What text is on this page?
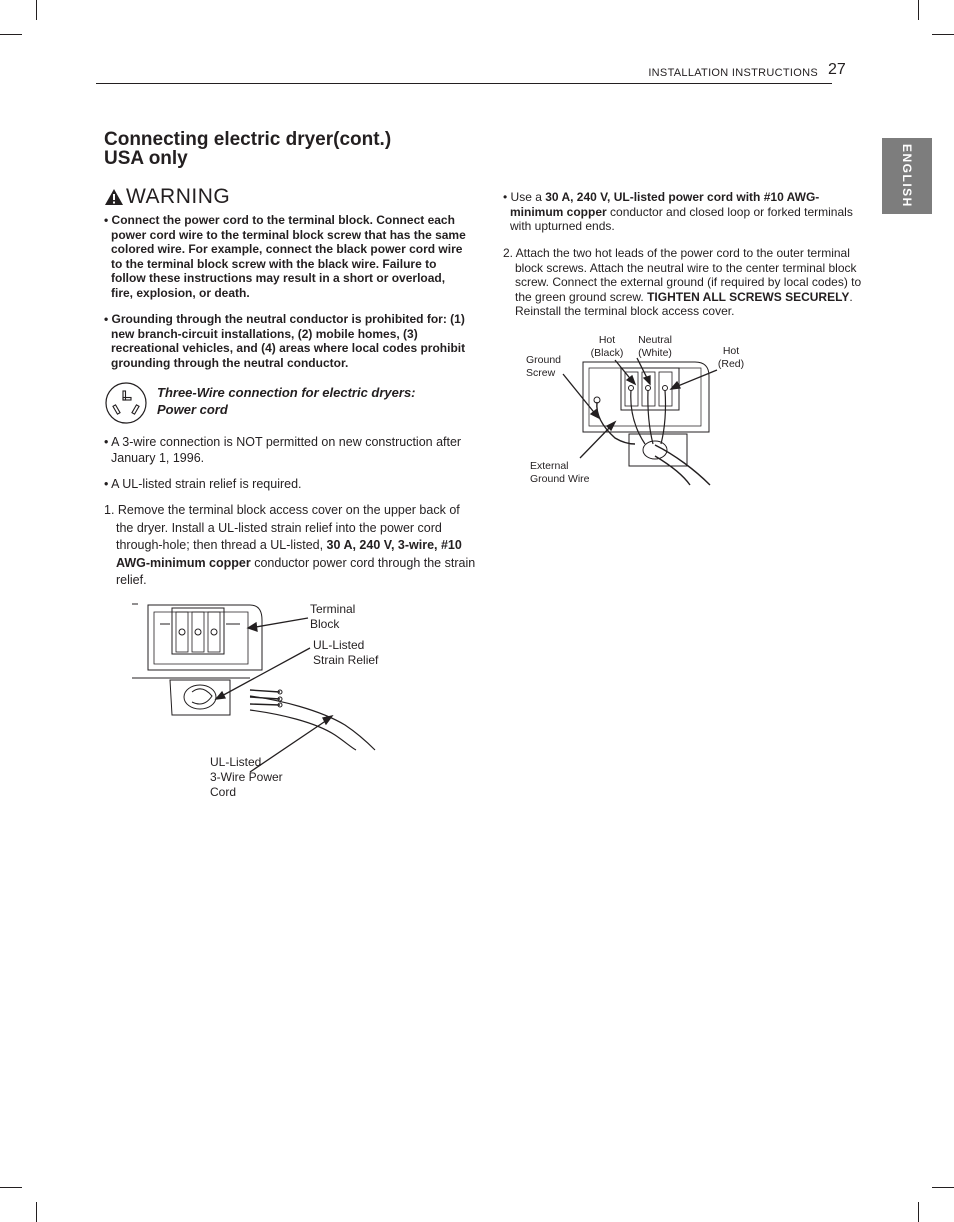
INSTALLATION INSTRUCTIONS 27
ENGLISH
Connecting electric dryer(cont.)
USA only
WARNING
• Connect the power cord to the terminal block. Connect each power cord wire to the terminal block screw that has the same colored wire. For example, connect the black power cord wire to the terminal block screw with the black wire. Failure to follow these instructions may result in a short or overload, fire, explosion, or death.
• Grounding through the neutral conductor is prohibited for: (1) new branch-circuit installations, (2) mobile homes, (3) recreational vehicles, and (4) areas where local codes prohibit grounding through the neutral conductor.
Three-Wire connection for electric dryers:
Power cord
• A 3-wire connection is NOT permitted on new construction after January 1, 1996.
• A UL-listed strain relief is required.
1. Remove the terminal block access cover on the upper back of the dryer. Install a UL-listed strain relief into the power cord through-hole; then thread a UL-listed, 30 A, 240 V, 3-wire, #10 AWG-minimum copper conductor power cord through the strain relief.
Terminal
Block
UL-Listed
Strain Relief
UL-Listed
3-Wire Power
Cord
• Use a 30 A, 240 V, UL-listed power cord with #10 AWG-minimum copper conductor and closed loop or forked terminals with upturned ends.
2. Attach the two hot leads of the power cord to the outer terminal block screws. Attach the neutral wire to the center terminal block screw. Connect the external ground (if required by local codes) to the green ground screw. TIGHTEN ALL SCREWS SECURELY. Reinstall the terminal block access cover.
Ground
Screw
Hot
(Black)
Neutral
(White)	Hot
(Red)
External
Ground Wire
